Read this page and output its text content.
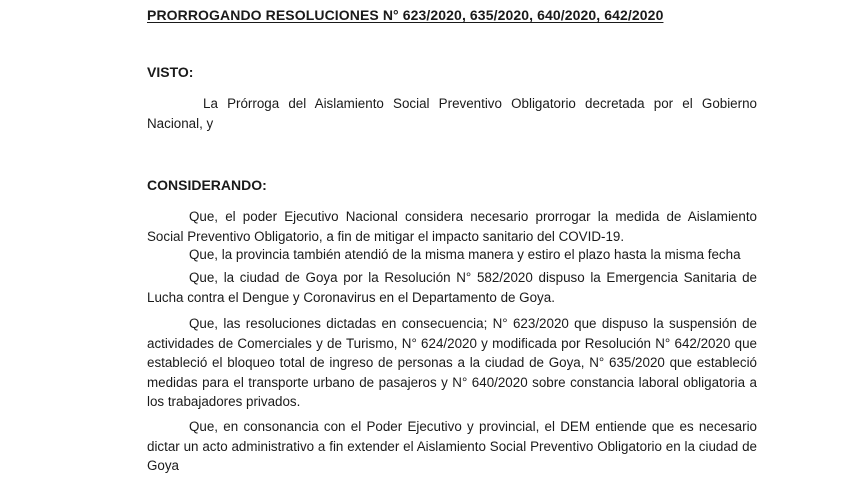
PRORROGANDO RESOLUCIONES N° 623/2020, 635/2020, 640/2020, 642/2020
VISTO:
La Prórroga del Aislamiento Social Preventivo Obligatorio decretada por el Gobierno Nacional, y
CONSIDERANDO:
Que, el poder Ejecutivo Nacional considera necesario prorrogar la medida de Aislamiento Social Preventivo Obligatorio, a fin de mitigar el impacto sanitario del COVID-19.
Que, la provincia también atendió de la misma manera y estiro el plazo hasta la misma fecha
Que, la ciudad de Goya por la Resolución N° 582/2020 dispuso la Emergencia Sanitaria de Lucha contra el Dengue y Coronavirus en el Departamento de Goya.
Que, las resoluciones dictadas en consecuencia; N° 623/2020 que dispuso la suspensión de actividades de Comerciales y de Turismo, N° 624/2020 y modificada por Resolución N° 642/2020 que estableció el bloqueo total de ingreso de personas a la ciudad de Goya, N° 635/2020 que estableció medidas para el transporte urbano de pasajeros y N° 640/2020 sobre constancia laboral obligatoria a los trabajadores privados.
Que, en consonancia con el Poder Ejecutivo y provincial, el DEM entiende que es necesario dictar un acto administrativo a fin extender el Aislamiento Social Preventivo Obligatorio en la ciudad de Goya
